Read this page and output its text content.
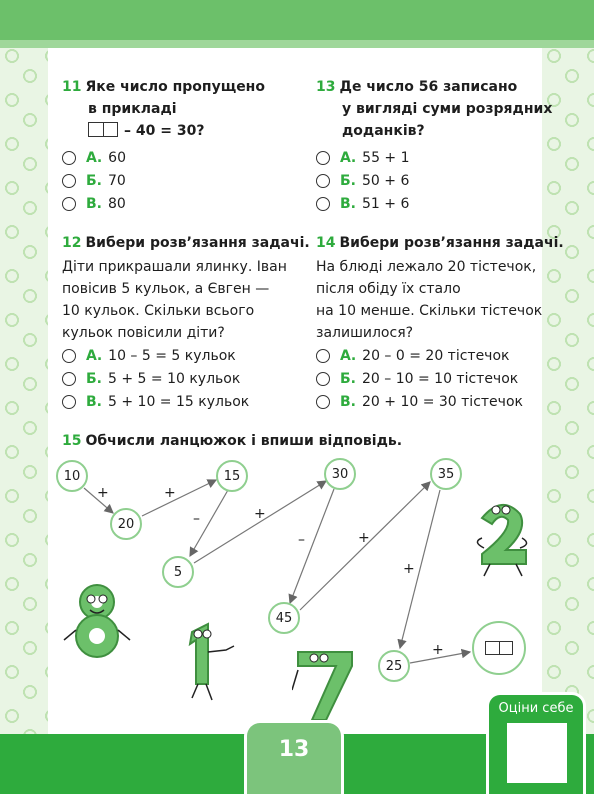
11 Яке число пропущено
в прикладі
– 40 = 30?
А. 60
Б. 70
В. 80
13 Де число 56 записано
у вигляді суми розрядних
доданків?
А. 55 + 1
Б. 50 + 6
В. 51 + 6
12 Вибери розв’язання задачі.
Діти прикрашали ялинку. Іван
повісив 5 кульок, а Євген —
10 кульок. Скільки всього
кульок повісили діти?
А. 10 – 5 = 5 кульок
Б. 5 + 5 = 10 кульок
В. 5 + 10 = 15 кульок
14 Вибери розв’язання задачі.
На блюді лежало 20 тістечок,
після обіду їх стало
на 10 менше. Скільки тістечок
залишилося?
А. 20 – 0 = 20 тістечок
Б. 20 – 10 = 10 тістечок
В. 20 + 10 = 30 тістечок
15 Обчисли ланцюжок і впиши відповідь.
+	+
–	+
–	+
+
+
10
20
15
5
30
45
35
25
13
Оціни себе
